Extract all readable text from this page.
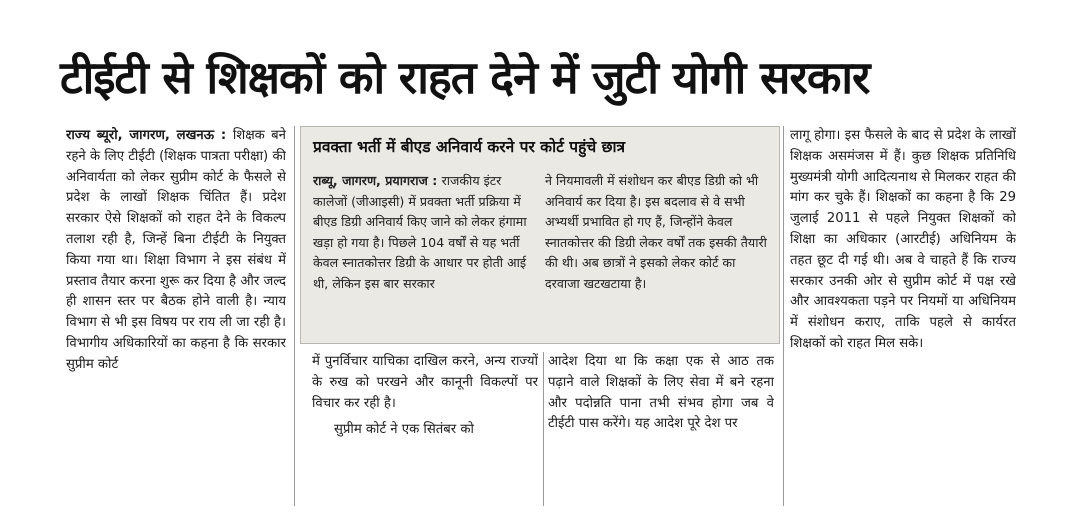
टीईटी से शिक्षकों को राहत देने में जुटी योगी सरकार
राज्य ब्यूरो, जागरण, लखनऊ : शिक्षक बने रहने के लिए टीईटी (शिक्षक पात्रता परीक्षा) की अनिवार्यता को लेकर सुप्रीम कोर्ट के फैसले से प्रदेश के लाखों शिक्षक चिंतित हैं। प्रदेश सरकार ऐसे शिक्षकों को राहत देने के विकल्प तलाश रही है, जिन्हें बिना टीईटी के नियुक्त किया गया था। शिक्षा विभाग ने इस संबंध में प्रस्ताव तैयार करना शुरू कर दिया है और जल्द ही शासन स्तर पर बैठक होने वाली है। न्याय विभाग से भी इस विषय पर राय ली जा रही है। विभागीय अधिकारियों का कहना है कि सरकार सुप्रीम कोर्ट
प्रवक्ता भर्ती में बीएड अनिवार्य करने पर कोर्ट पहुंचे छात्र
राब्यू, जागरण, प्रयागराज : राजकीय इंटर कालेजों (जीआइसी) में प्रवक्ता भर्ती प्रक्रिया में बीएड डिग्री अनिवार्य किए जाने को लेकर हंगामा खड़ा हो गया है। पिछले 104 वर्षों से यह भर्ती केवल स्नातकोत्तर डिग्री के आधार पर होती आई थी, लेकिन इस बार सरकार
ने नियमावली में संशोधन कर बीएड डिग्री को भी अनिवार्य कर दिया है। इस बदलाव से वे सभी अभ्यर्थी प्रभावित हो गए हैं, जिन्होंने केवल स्नातकोत्तर की डिग्री लेकर वर्षों तक इसकी तैयारी की थी। अब छात्रों ने इसको लेकर कोर्ट का दरवाजा खटखटाया है।
में पुनर्विचार याचिका दाखिल करने, अन्य राज्यों के रुख को परखने और कानूनी विकल्पों पर विचार कर रही है।
सुप्रीम कोर्ट ने एक सितंबर को
आदेश दिया था कि कक्षा एक से आठ तक पढ़ाने वाले शिक्षकों के लिए सेवा में बने रहना और पदोन्नति पाना तभी संभव होगा जब वे टीईटी पास करेंगे। यह आदेश पूरे देश पर
लागू होगा। इस फैसले के बाद से प्रदेश के लाखों शिक्षक असमंजस में हैं। कुछ शिक्षक प्रतिनिधि मुख्यमंत्री योगी आदित्यनाथ से मिलकर राहत की मांग कर चुके हैं। शिक्षकों का कहना है कि 29 जुलाई 2011 से पहले नियुक्त शिक्षकों को शिक्षा का अधिकार (आरटीई) अधिनियम के तहत छूट दी गई थी। अब वे चाहते हैं कि राज्य सरकार उनकी ओर से सुप्रीम कोर्ट में पक्ष रखे और आवश्यकता पड़ने पर नियमों या अधिनियम में संशोधन कराए, ताकि पहले से कार्यरत शिक्षकों को राहत मिल सके।
